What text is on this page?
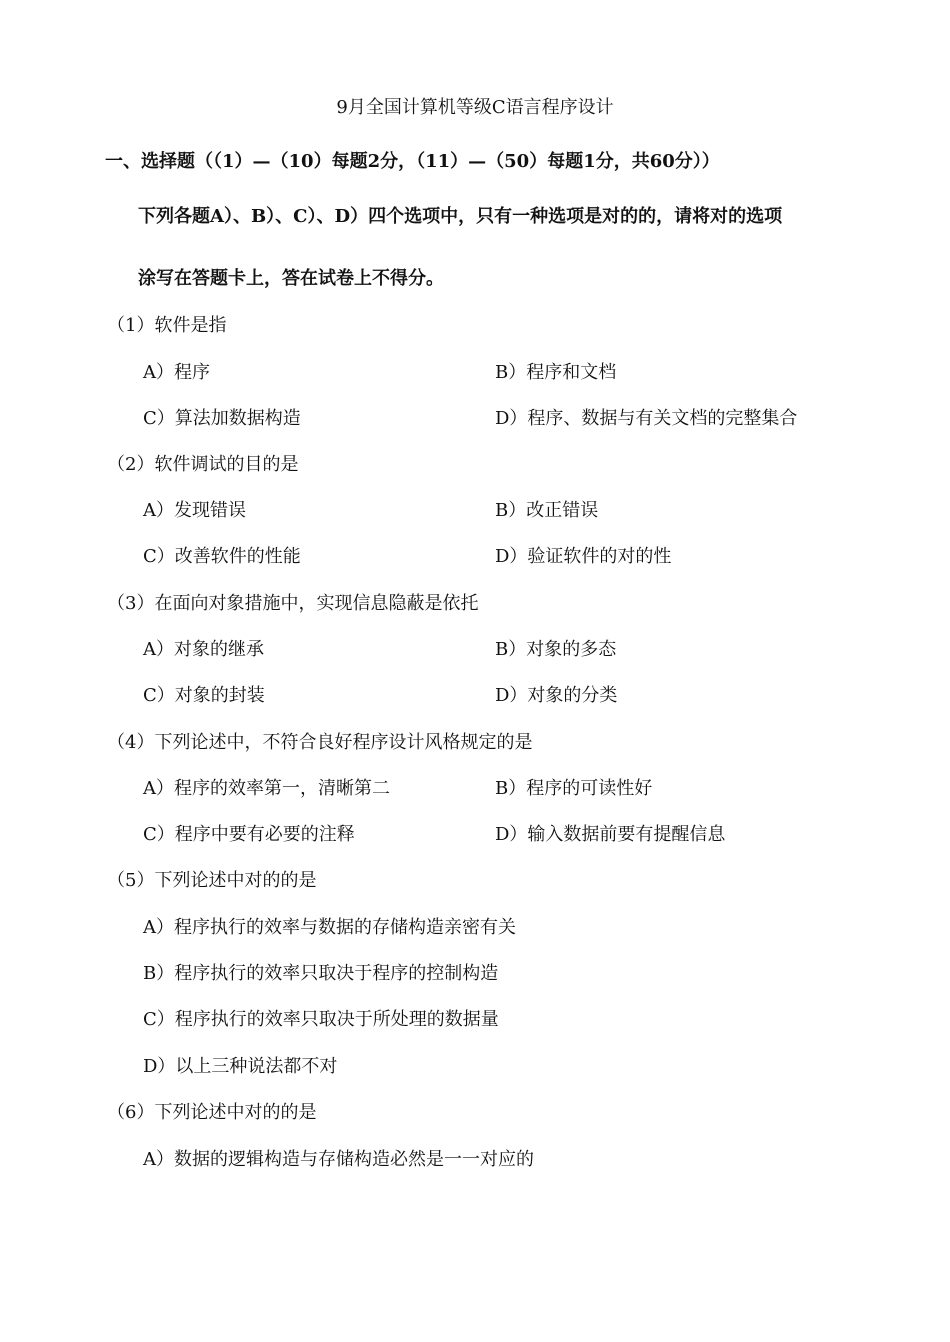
9月全国计算机等级C语言程序设计
一、选择题（（1）—（10）每题2分，（11）—（50）每题1分，共60分））
下列各题A）、B）、C）、D）四个选项中，只有一种选项是对的的，请将对的选项
涂写在答题卡上，答在试卷上不得分。
（1）软件是指
A）程序	B）程序和文档
C）算法加数据构造	D）程序、数据与有关文档的完整集合
（2）软件调试的目的是
A）发现错误	B）改正错误
C）改善软件的性能	D）验证软件的对的性
（3）在面向对象措施中，实现信息隐蔽是依托
A）对象的继承	B）对象的多态
C）对象的封装	D）对象的分类
（4）下列论述中，不符合良好程序设计风格规定的是
A）程序的效率第一，清晰第二	B）程序的可读性好
C）程序中要有必要的注释	D）输入数据前要有提醒信息
（5）下列论述中对的的是
A）程序执行的效率与数据的存储构造亲密有关
B）程序执行的效率只取决于程序的控制构造
C）程序执行的效率只取决于所处理的数据量
D）以上三种说法都不对
（6）下列论述中对的的是
A）数据的逻辑构造与存储构造必然是一一对应的
